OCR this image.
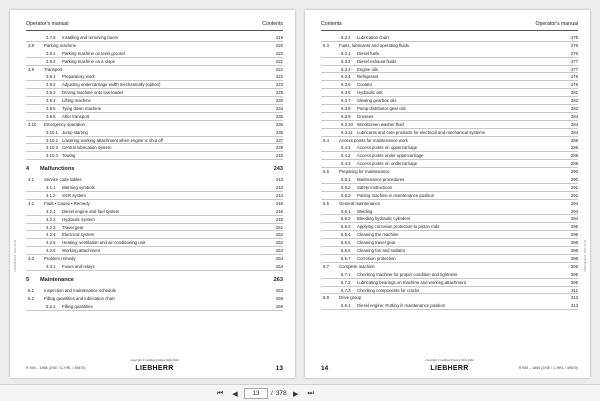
Operator's manual	Contents
3.7.8 Installing and removing boom	219
3.8 Parking machine	220
3.8.1 Parking machine on level ground	220
3.8.2 Parking machine on a slope	221
3.9 Transport	222
3.9.1 Preparatory work	222
3.9.2 Adjusting undercarriage width mechanically (option)	223
3.9.3 Driving machine onto low-loader	228
3.9.4 Lifting machine	230
3.9.5 Tying down machine	234
3.9.6 After transport	235
3.10 Emergency operation	236
3.10.1 Jump starting	236
3.10.2 Lowering working attachment when engine is shut off	237
3.10.3 Central lubrication system	239
3.10.4 Towing	240
4 Malfunctions	243
4.1 Service code tables	243
4.1.1 Warning symbols	243
4.1.2 SCR system	244
4.2 Fault • Cause • Remedy	246
4.2.1 Diesel engine and fuel system	246
4.2.2 Hydraulic system	249
4.2.3 Travel gear	251
4.2.4 Electrical system	252
4.2.5 Heating, ventilation and air conditioning unit	252
4.2.6 Working attachment	253
4.3 Problem remedy	254
4.3.1 Fuses and relays	254
5 Maintenance	263
5.1 Inspection and maintenance schedule	263
5.2 Filling quantities and lubrication chart	269
5.2.1 Filling quantities	269
LFR/en/Edition: 2022-04-04
R 945 – 1866 (2/SE / C.HRL / 49870)
copyright © Liebherr-France SAS 2022
LIEBHERR	13
Contents	Operator's manual
5.2.2 Lubrication chart	275
5.3 Fuels, lubricants and operating fluids	276
5.3.1 Diesel fuels	276
5.3.2 Diesel exhaust fluids	277
5.3.3 Engine oils	277
5.3.4 Refrigerant	279
5.3.5 Coolant	279
5.3.6 Hydraulic oils	281
5.3.7 Slewing gearbox oils	283
5.3.8 Pump distributor gear oils	283
5.3.9 Greases	284
5.3.10 Windscreen washer fluid	284
5.3.11 Lubricants and care products for electrical and mechanical systems	284
5.4 Access points for maintenance work	286
5.4.1 Access points on uppercarriage	286
5.4.2 Access points under uppercarriage	288
5.4.3 Access points on undercarriage	288
5.5 Preparing for maintenance	290
5.5.1 Maintenance procedures	290
5.5.2 Safety instructions	291
5.5.3 Putting machine in maintenance position	292
5.6 General maintenance	294
5.6.1 Welding	294
5.6.2 Bleeding hydraulic cylinders	294
5.6.3 Applying corrosion protection to piston rods	295
5.6.4 Cleaning the machine	296
5.6.5 Cleaning travel gear	298
5.6.6 Cleaning fan and radiator	298
5.6.7 Corrosion protection	298
5.7 Complete machine	305
5.7.1 Checking machine for proper condition and tightness	305
5.7.2 Lubricating bearings on machine and working attachment	305
5.7.3 Checking components for cracks	311
5.8 Drive group	313
5.8.1 Diesel engine: Putting in maintenance position	313
LFR/en/Edition: 2022-04-04
14
copyright © Liebherr-France SAS 2022
LIEBHERR	R 945 – 1866 (2/SE / C.HRL / 49870)
⏮	◀
13	/ 378 ▶	⏭
